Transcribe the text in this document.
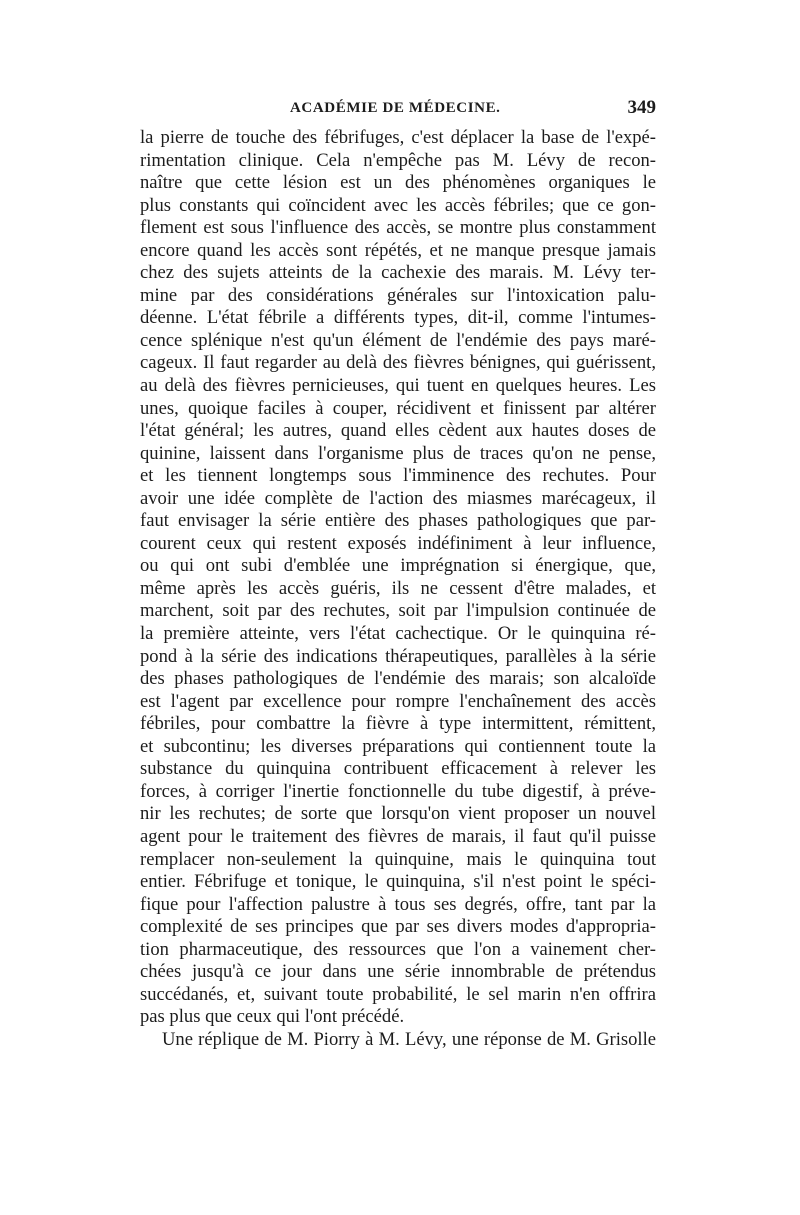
ACADÉMIE DE MÉDECINE.	349
la pierre de touche des fébrifuges, c'est déplacer la base de l'expé-
rimentation clinique. Cela n'empêche pas M. Lévy de recon-
naître que cette lésion est un des phénomènes organiques le
plus constants qui coïncident avec les accès fébriles; que ce gon-
flement est sous l'influence des accès, se montre plus constamment
encore quand les accès sont répétés, et ne manque presque jamais
chez des sujets atteints de la cachexie des marais. M. Lévy ter-
mine par des considérations générales sur l'intoxication palu-
déenne. L'état fébrile a différents types, dit-il, comme l'intumes-
cence splénique n'est qu'un élément de l'endémie des pays maré-
cageux. Il faut regarder au delà des fièvres bénignes, qui guérissent,
au delà des fièvres pernicieuses, qui tuent en quelques heures. Les
unes, quoique faciles à couper, récidivent et finissent par altérer
l'état général; les autres, quand elles cèdent aux hautes doses de
quinine, laissent dans l'organisme plus de traces qu'on ne pense,
et les tiennent longtemps sous l'imminence des rechutes. Pour
avoir une idée complète de l'action des miasmes marécageux, il
faut envisager la série entière des phases pathologiques que par-
courent ceux qui restent exposés indéfiniment à leur influence,
ou qui ont subi d'emblée une imprégnation si énergique, que,
même après les accès guéris, ils ne cessent d'être malades, et
marchent, soit par des rechutes, soit par l'impulsion continuée de
la première atteinte, vers l'état cachectique. Or le quinquina ré-
pond à la série des indications thérapeutiques, parallèles à la série
des phases pathologiques de l'endémie des marais; son alcaloïde
est l'agent par excellence pour rompre l'enchaînement des accès
fébriles, pour combattre la fièvre à type intermittent, rémittent,
et subcontinu; les diverses préparations qui contiennent toute la
substance du quinquina contribuent efficacement à relever les
forces, à corriger l'inertie fonctionnelle du tube digestif, à préve-
nir les rechutes; de sorte que lorsqu'on vient proposer un nouvel
agent pour le traitement des fièvres de marais, il faut qu'il puisse
remplacer non-seulement la quinquine, mais le quinquina tout
entier. Fébrifuge et tonique, le quinquina, s'il n'est point le spéci-
fique pour l'affection palustre à tous ses degrés, offre, tant par la
complexité de ses principes que par ses divers modes d'appropria-
tion pharmaceutique, des ressources que l'on a vainement cher-
chées jusqu'à ce jour dans une série innombrable de prétendus
succédanés, et, suivant toute probabilité, le sel marin n'en offrira
pas plus que ceux qui l'ont précédé.
Une réplique de M. Piorry à M. Lévy, une réponse de M. Grisolle
